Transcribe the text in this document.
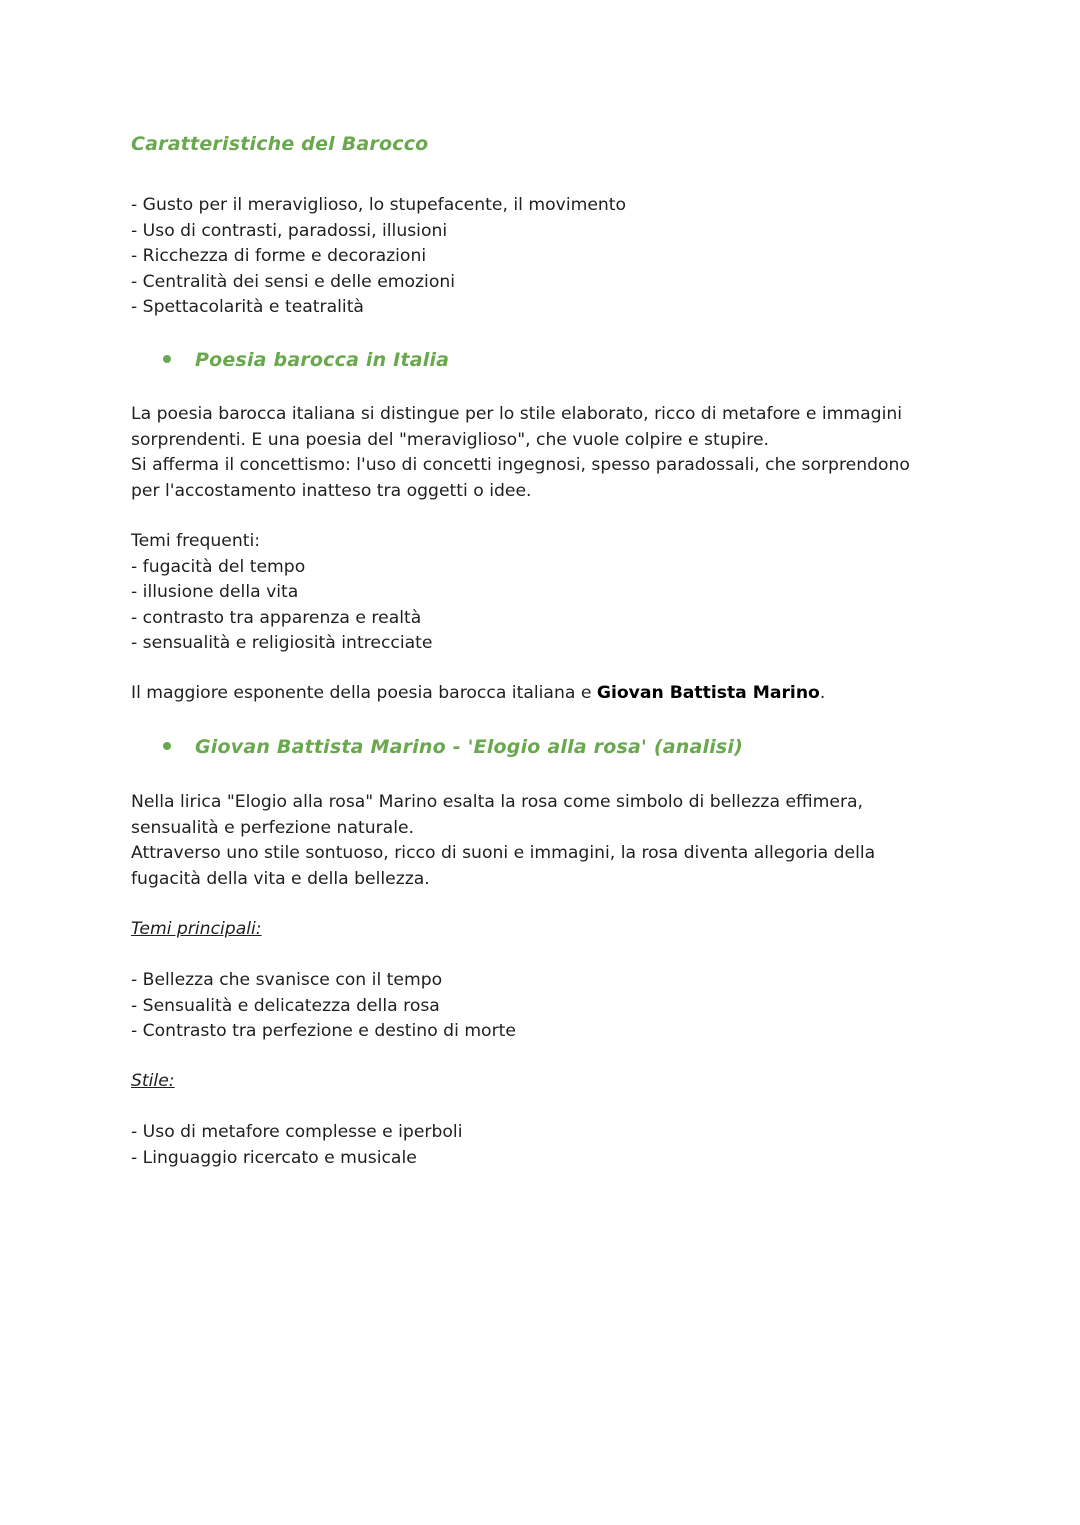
Caratteristiche del Barocco
- Gusto per il meraviglioso, lo stupefacente, il movimento
- Uso di contrasti, paradossi, illusioni
- Ricchezza di forme e decorazioni
- Centralità dei sensi e delle emozioni
- Spettacolarità e teatralità
Poesia barocca in Italia
La poesia barocca italiana si distingue per lo stile elaborato, ricco di metafore e immagini
sorprendenti. E una poesia del "meraviglioso", che vuole colpire e stupire.
Si afferma il concettismo: l'uso di concetti ingegnosi, spesso paradossali, che sorprendono
per l'accostamento inatteso tra oggetti o idee.
Temi frequenti:
- fugacità del tempo
- illusione della vita
- contrasto tra apparenza e realtà
- sensualità e religiosità intrecciate
Il maggiore esponente della poesia barocca italiana e Giovan Battista Marino.
Giovan Battista Marino - 'Elogio alla rosa' (analisi)
Nella lirica "Elogio alla rosa" Marino esalta la rosa come simbolo di bellezza effimera,
sensualità e perfezione naturale.
Attraverso uno stile sontuoso, ricco di suoni e immagini, la rosa diventa allegoria della
fugacità della vita e della bellezza.
Temi principali:
- Bellezza che svanisce con il tempo
- Sensualità e delicatezza della rosa
- Contrasto tra perfezione e destino di morte
Stile:
- Uso di metafore complesse e iperboli
- Linguaggio ricercato e musicale
